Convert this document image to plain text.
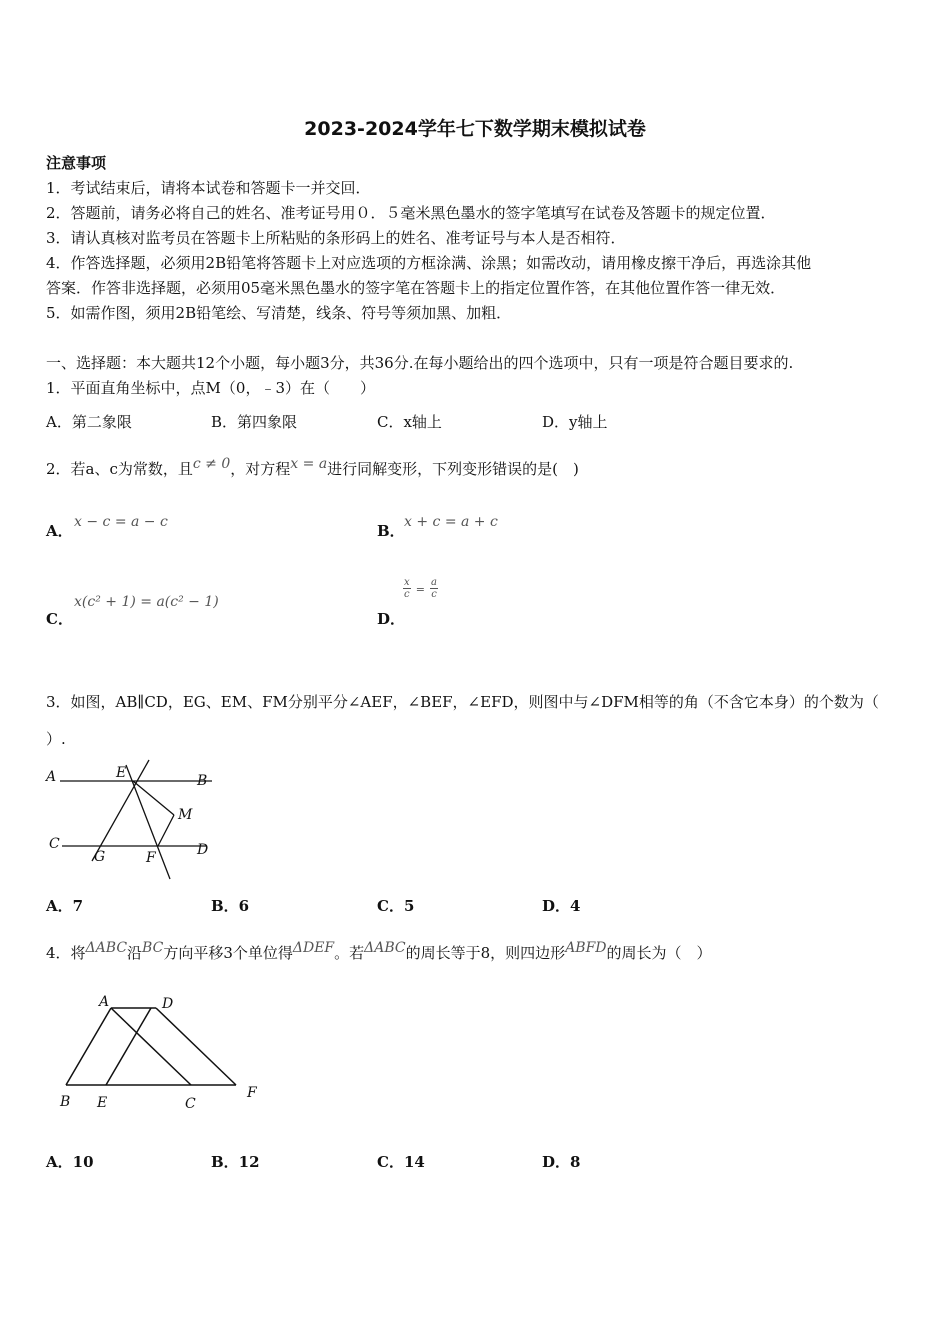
2023-2024学年七下数学期末模拟试卷
注意事项
1．考试结束后，请将本试卷和答题卡一并交回．
2．答题前，请务必将自己的姓名、准考证号用０．５毫米黑色墨水的签字笔填写在试卷及答题卡的规定位置．
3．请认真核对监考员在答题卡上所粘贴的条形码上的姓名、准考证号与本人是否相符．
4．作答选择题，必须用2B铅笔将答题卡上对应选项的方框涂满、涂黑；如需改动，请用橡皮擦干净后，再选涂其他
答案．作答非选择题，必须用05毫米黑色墨水的签字笔在答题卡上的指定位置作答，在其他位置作答一律无效．
5．如需作图，须用2B铅笔绘、写清楚，线条、符号等须加黑、加粗．
一、选择题：本大题共12个小题，每小题3分，共36分.在每小题给出的四个选项中，只有一项是符合题目要求的.
1．平面直角坐标中，点M（0，﹣3）在（　　）
A．第二象限	B．第四象限	C．x轴上	D．y轴上
2．若a、c为常数，且c ≠ 0，对方程x = a进行同解变形，下列变形错误的是(　)
A． x − c = a − c	B． x + c = a + c
C．
x(c² + 1) = a(c² − 1)
D．
$\frac{x}{c} = \frac{a}{c}$
3．如图，AB∥CD，EG、EM、FM分别平分∠AEF，∠BEF，∠EFD，则图中与∠DFM相等的角（不含它本身）的个数为（
）.
A	E	B
M
C
G	F	D
A．7	B．6	C．5	D．4
4．将ΔABC沿BC方向平移3个单位得ΔDEF。若ΔABC的周长等于8，则四边形ABFD的周长为（　）
A	D
B E	C
F
A．10	B．12	C．14	D．8
